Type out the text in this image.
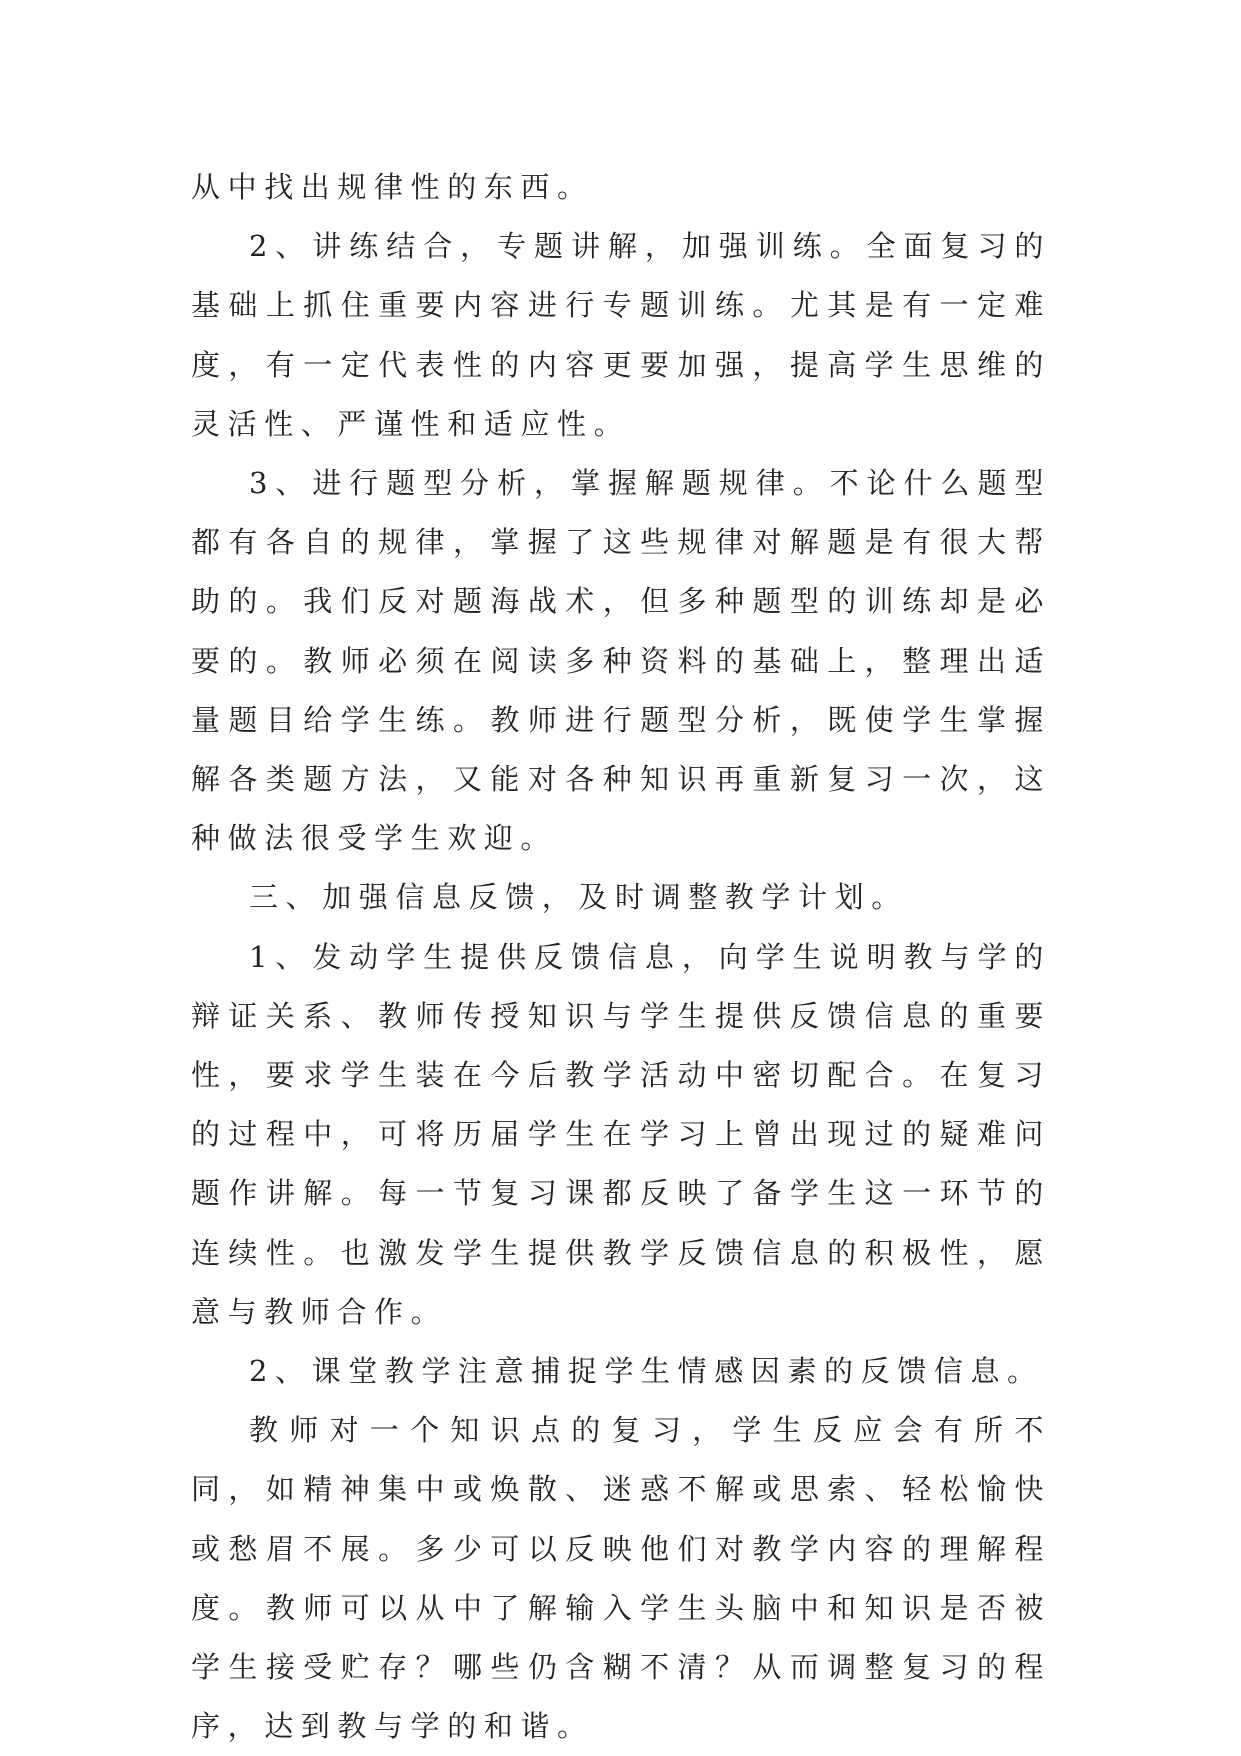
从中找出规律性的东西。

2、讲练结合，专题讲解，加强训练。全面复习的基础上抓住重要内容进行专题训练。尤其是有一定难度，有一定代表性的内容更要加强，提高学生思维的灵活性、严谨性和适应性。

3、进行题型分析，掌握解题规律。不论什么题型都有各自的规律，掌握了这些规律对解题是有很大帮助的。我们反对题海战术，但多种题型的训练却是必要的。教师必须在阅读多种资料的基础上，整理出适量题目给学生练。教师进行题型分析，既使学生掌握解各类题方法，又能对各种知识再重新复习一次，这种做法很受学生欢迎。

三、加强信息反馈，及时调整教学计划。

1、发动学生提供反馈信息，向学生说明教与学的辩证关系、教师传授知识与学生提供反馈信息的重要性，要求学生装在今后教学活动中密切配合。在复习的过程中，可将历届学生在学习上曾出现过的疑难问题作讲解。每一节复习课都反映了备学生这一环节的连续性。也激发学生提供教学反馈信息的积极性，愿意与教师合作。

2、课堂教学注意捕捉学生情感因素的反馈信息。

教师对一个知识点的复习，学生反应会有所不同，如精神集中或焕散、迷惑不解或思索、轻松愉快或愁眉不展。多少可以反映他们对教学内容的理解程度。教师可以从中了解输入学生头脑中和知识是否被学生接受贮存？哪些仍含糊不清？从而调整复习的程序，达到教与学的和谐。
